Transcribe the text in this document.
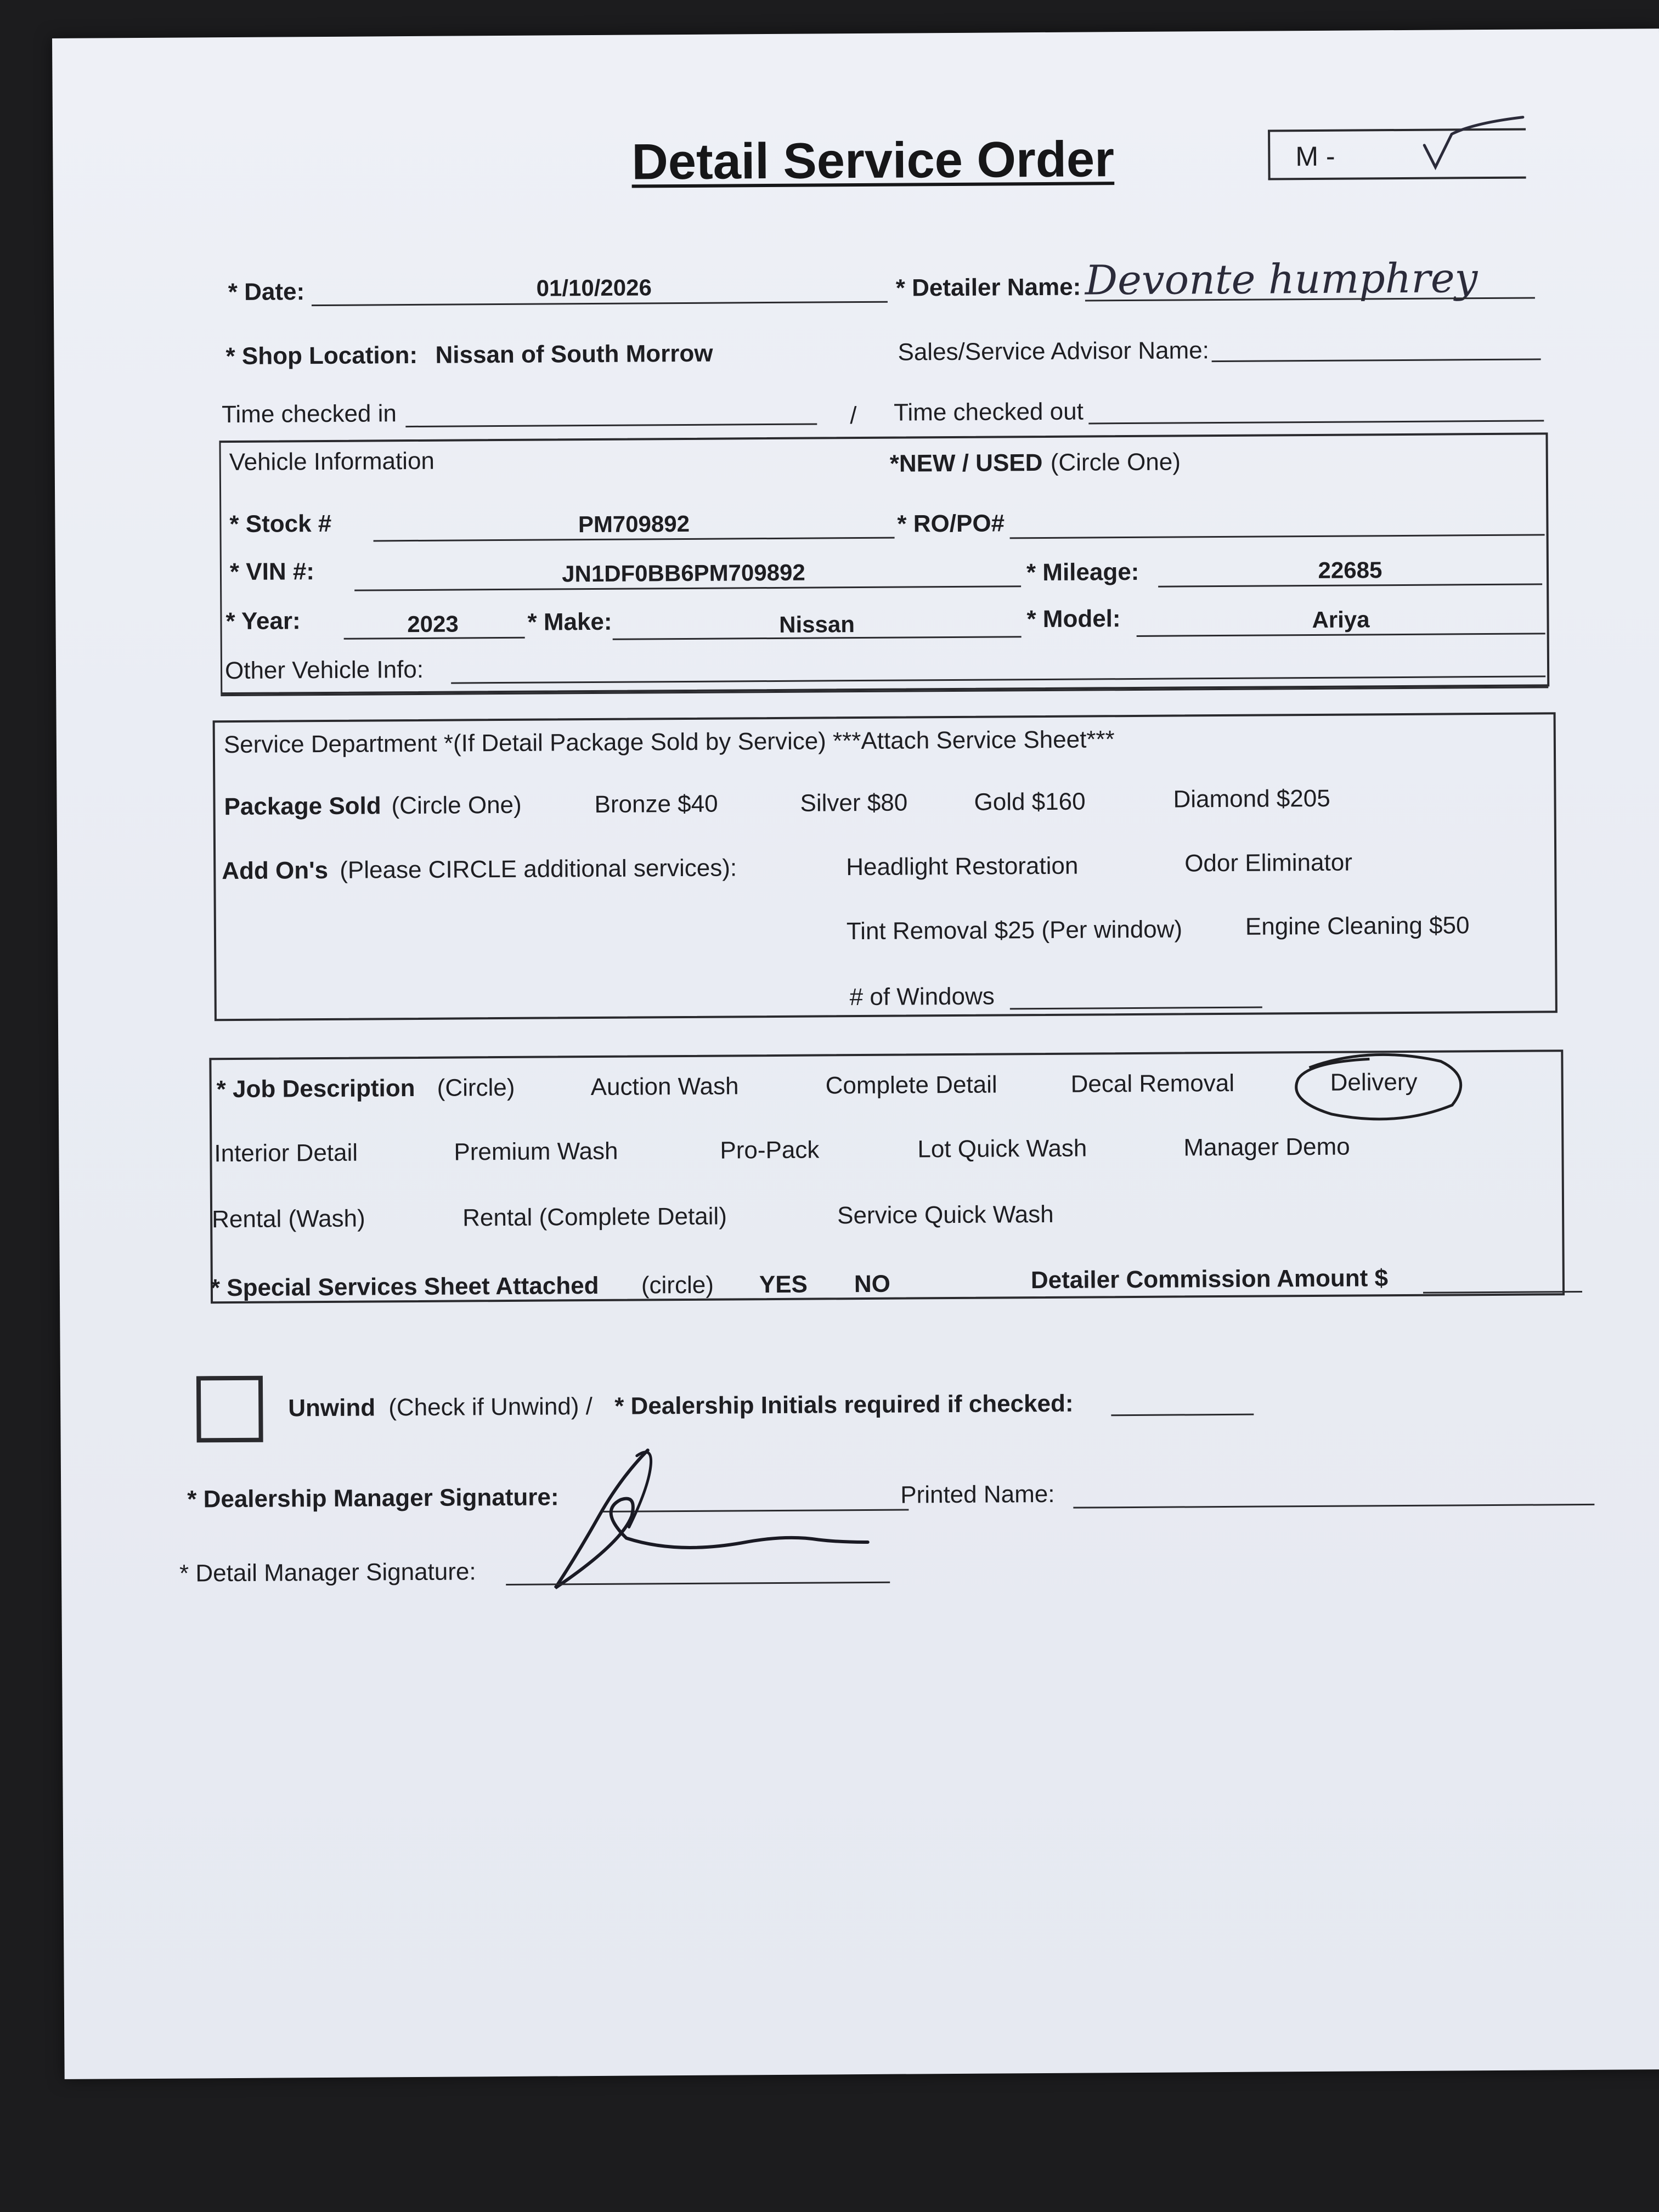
Detail Service Order	M -
* Date:	01/10/2026	* Detailer Name: Devonte humphrey
* Shop Location: Nissan of South Morrow	Sales/Service Advisor Name:
Time checked in	/ Time checked out
Vehicle Information	*NEW / USED (Circle One)
* Stock #	PM709892	* RO/PO#
* VIN #:	JN1DF0BB6PM709892	* Mileage:	22685
* Year:	2023	* Make:	Nissan	* Model:	Ariya
Other Vehicle Info:
Service Department *(If Detail Package Sold by Service) ***Attach Service Sheet***
Package Sold (Circle One)	Bronze $40	Silver $80	Gold $160	Diamond $205
Add On's (Please CIRCLE additional services):	Headlight Restoration	Odor Eliminator
Tint Removal $25 (Per window)	Engine Cleaning $50
# of Windows
* Job Description (Circle)	Auction Wash	Complete Detail	Decal Removal	Delivery
Interior Detail	Premium Wash	Pro-Pack	Lot Quick Wash	Manager Demo
Rental (Wash)	Rental (Complete Detail)	Service Quick Wash
* Special Services Sheet Attached (circle) YES NO	Detailer Commission Amount $
Unwind (Check if Unwind) / * Dealership Initials required if checked:
* Dealership Manager Signature:	Printed Name:
* Detail Manager Signature:
